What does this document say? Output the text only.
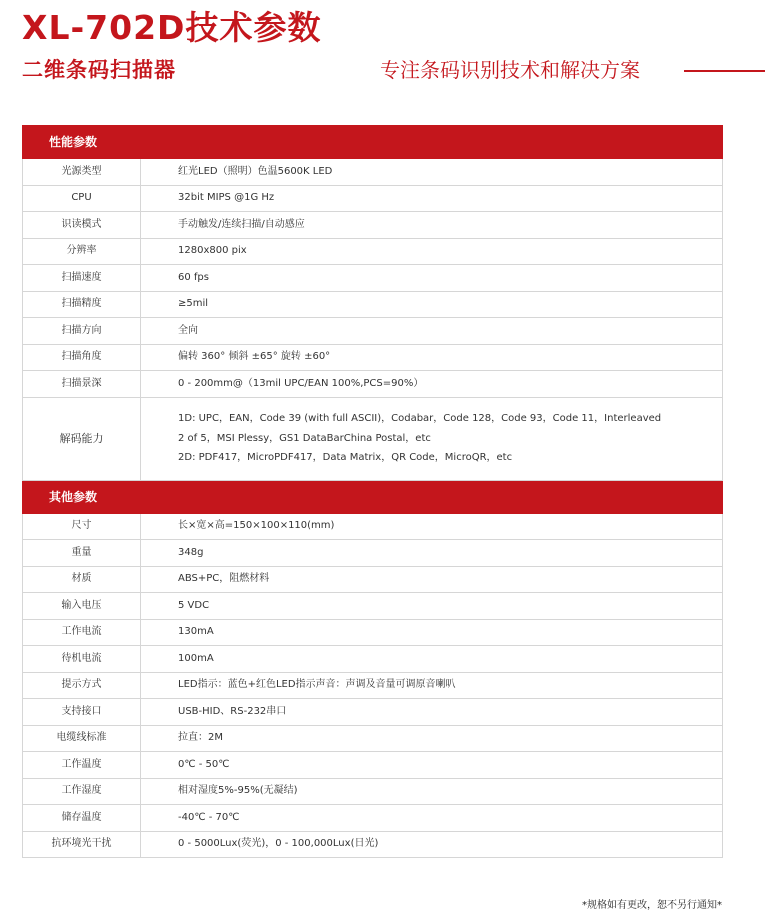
XL-702D技术参数
二维条码扫描器	专注条码识别技术和解决方案
性能参数	
光源类型	红光LED（照明）色温5600K LED
CPU	32bit MIPS @1G Hz
识读模式	手动触发/连续扫描/自动感应
分辨率	1280x800 pix
扫描速度	60 fps
扫描精度	≥5mil
扫描方向	全向
扫描角度	偏转 360° 倾斜 ±65° 旋转 ±60°
扫描景深	0 - 200mm@（13mil UPC/EAN 100%,PCS=90%）
解码能力	1D: UPC，EAN，Code 39 (with full ASCII)，Codabar，Code 128，Code 93，Code 11，Interleaved
2 of 5，MSI Plessy，GS1 DataBarChina Postal，etc
2D: PDF417，MicroPDF417，Data Matrix，QR Code，MicroQR，etc

其他参数	
尺寸	长×宽×高=150×100×110(mm)
重量	348g
材质	ABS+PC，阻燃材料
输入电压	5 VDC
工作电流	130mA
待机电流	100mA
提示方式	LED指示：蓝色+红色LED指示声音：声调及音量可调原音喇叭
支持接口	USB-HID、RS-232串口
电缆线标准	拉直：2M
工作温度	0℃ - 50℃
工作湿度	相对湿度5%-95%(无凝结)
储存温度	-40℃ - 70℃
抗环境光干扰	0 - 5000Lux(荧光)，0 - 100,000Lux(日光)
*规格如有更改，恕不另行通知*
